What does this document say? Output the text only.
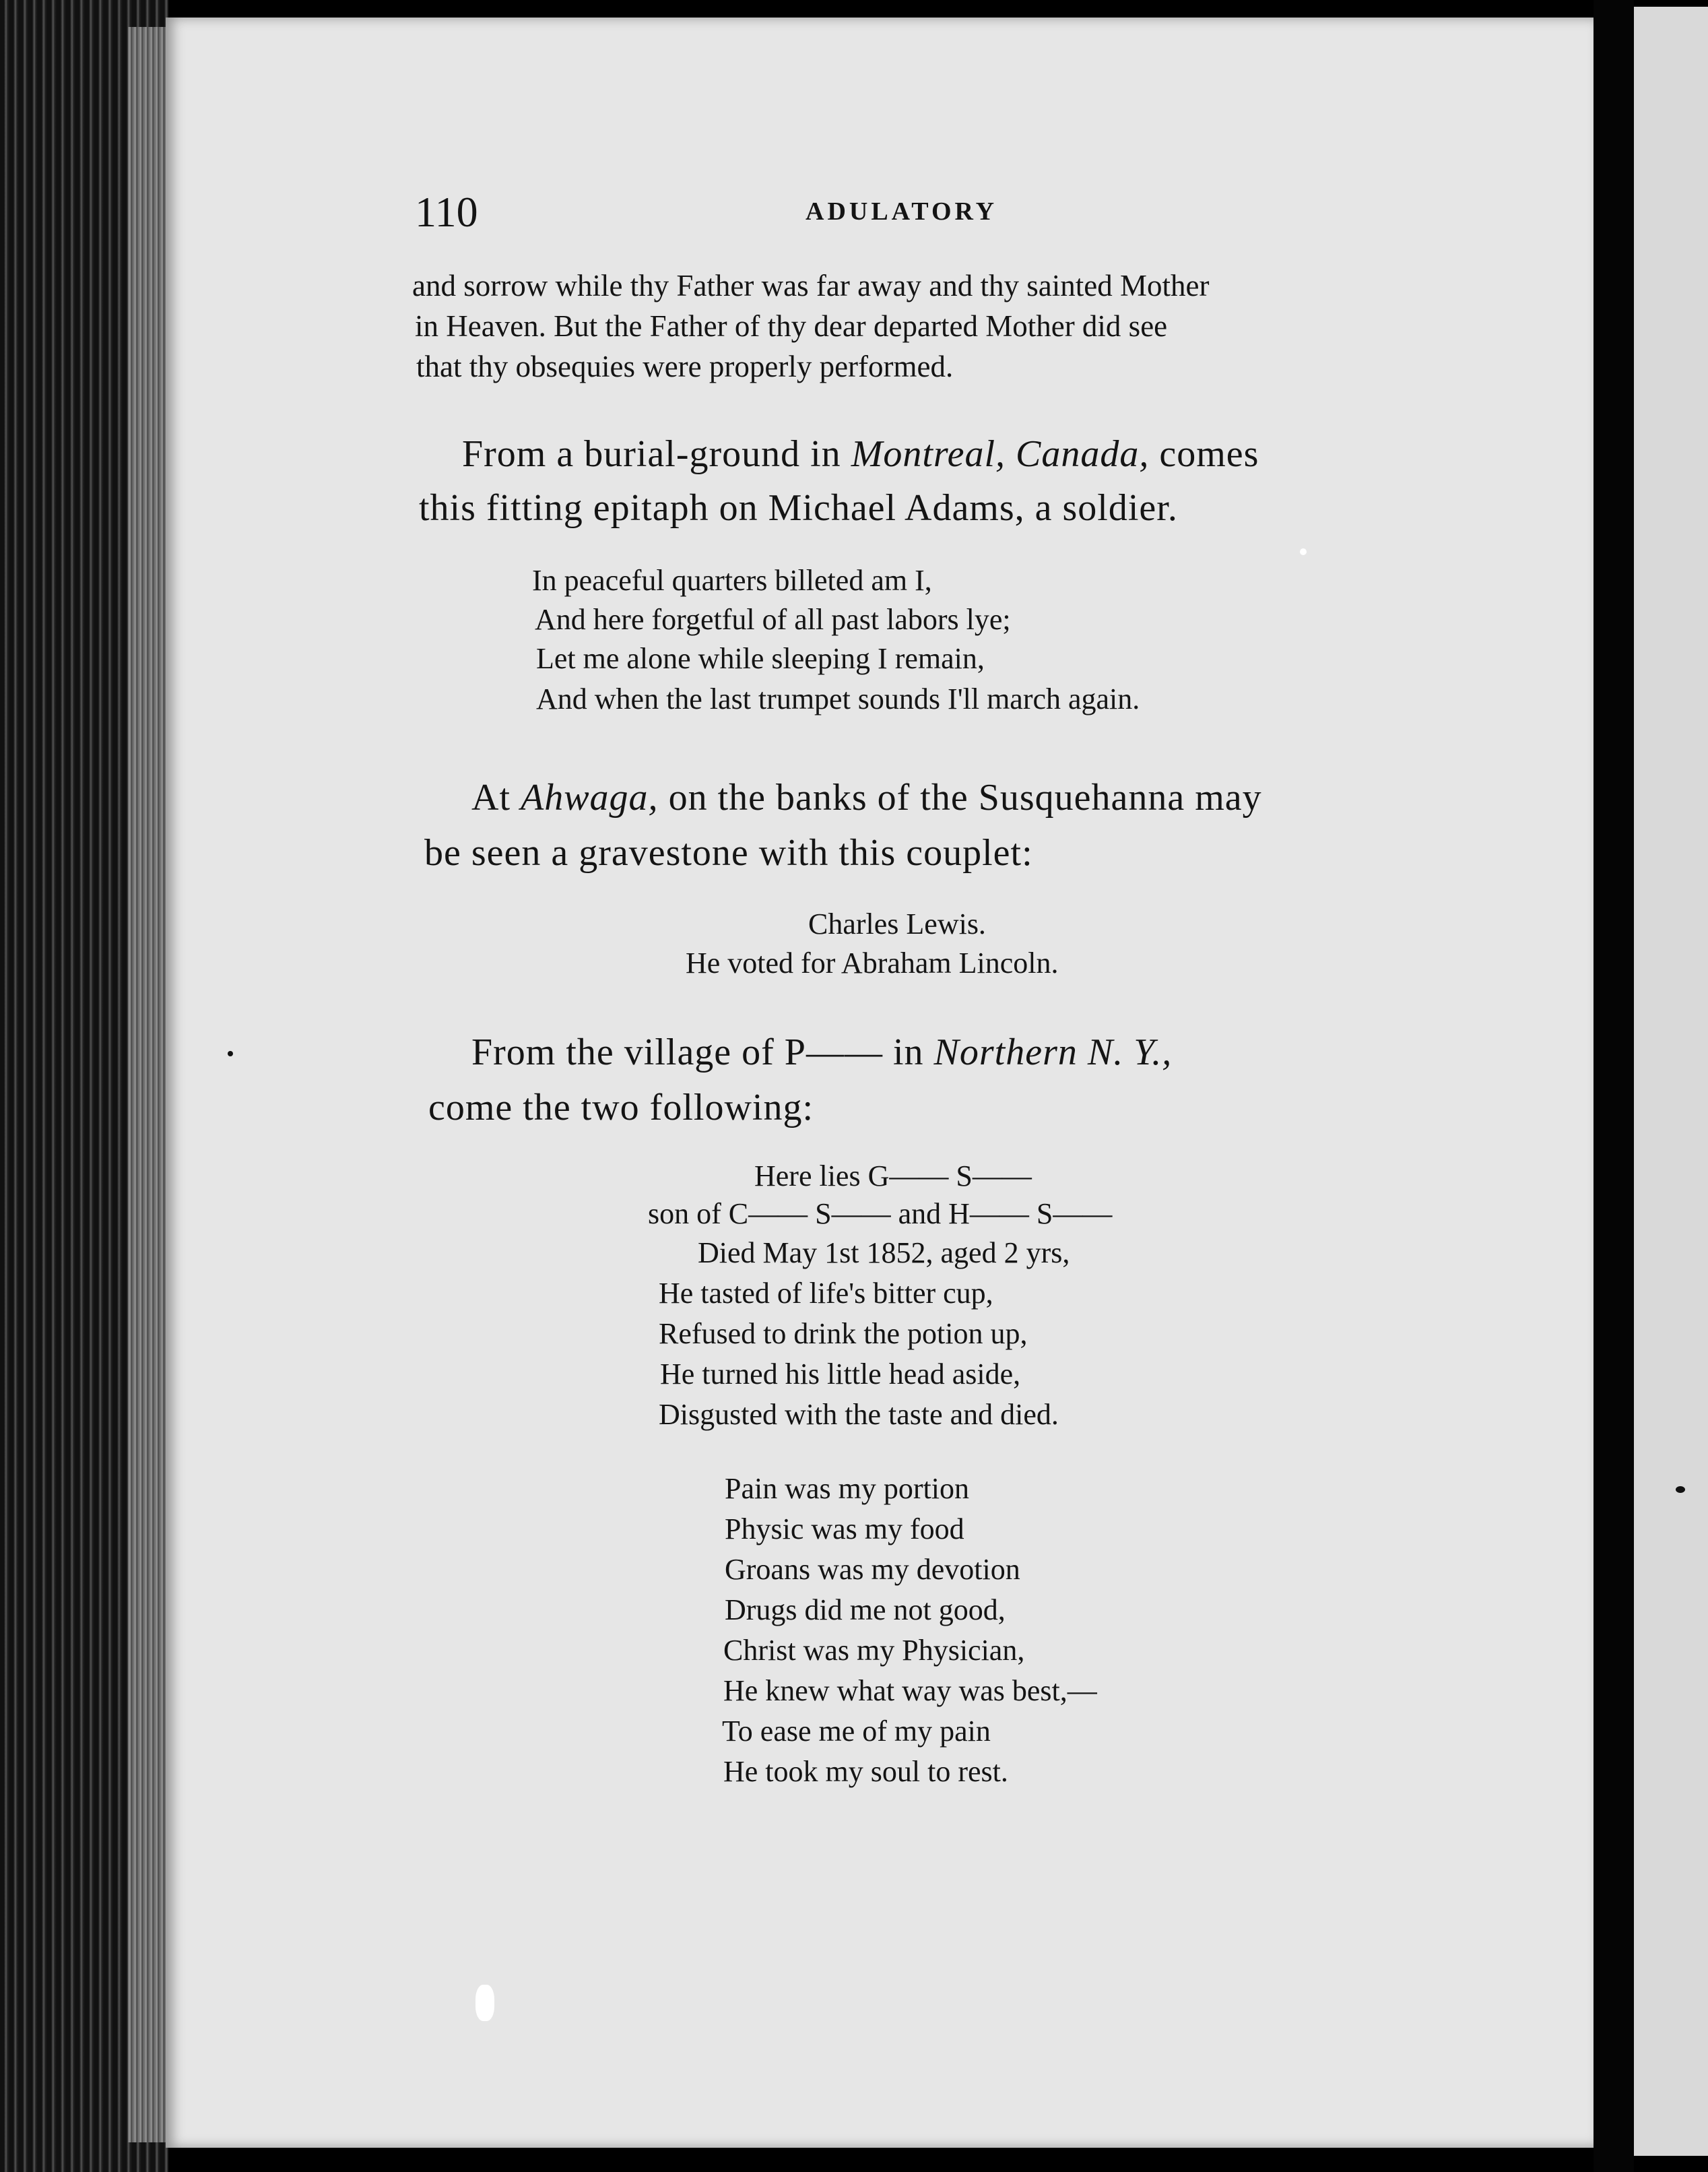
110	ADULATORY
and sorrow while thy Father was far away and thy sainted Mother
in Heaven. But the Father of thy dear departed Mother did see
that thy obsequies were properly performed.
From a burial-ground in Montreal, Canada, comes
this fitting epitaph on Michael Adams, a soldier.
In peaceful quarters billeted am I,
And here forgetful of all past labors lye;
Let me alone while sleeping I remain,
And when the last trumpet sounds I'll march again.
At Ahwaga, on the banks of the Susquehanna may
be seen a gravestone with this couplet:
Charles Lewis.
He voted for Abraham Lincoln.
From the village of P—— in Northern N. Y.,
come the two following:
Here lies G—— S——
son of C—— S—— and H—— S——
Died May 1st 1852, aged 2 yrs,
He tasted of life's bitter cup,
Refused to drink the potion up,
He turned his little head aside,
Disgusted with the taste and died.
Pain was my portion
Physic was my food
Groans was my devotion
Drugs did me not good,
Christ was my Physician,
He knew what way was best,—
To ease me of my pain
He took my soul to rest.
